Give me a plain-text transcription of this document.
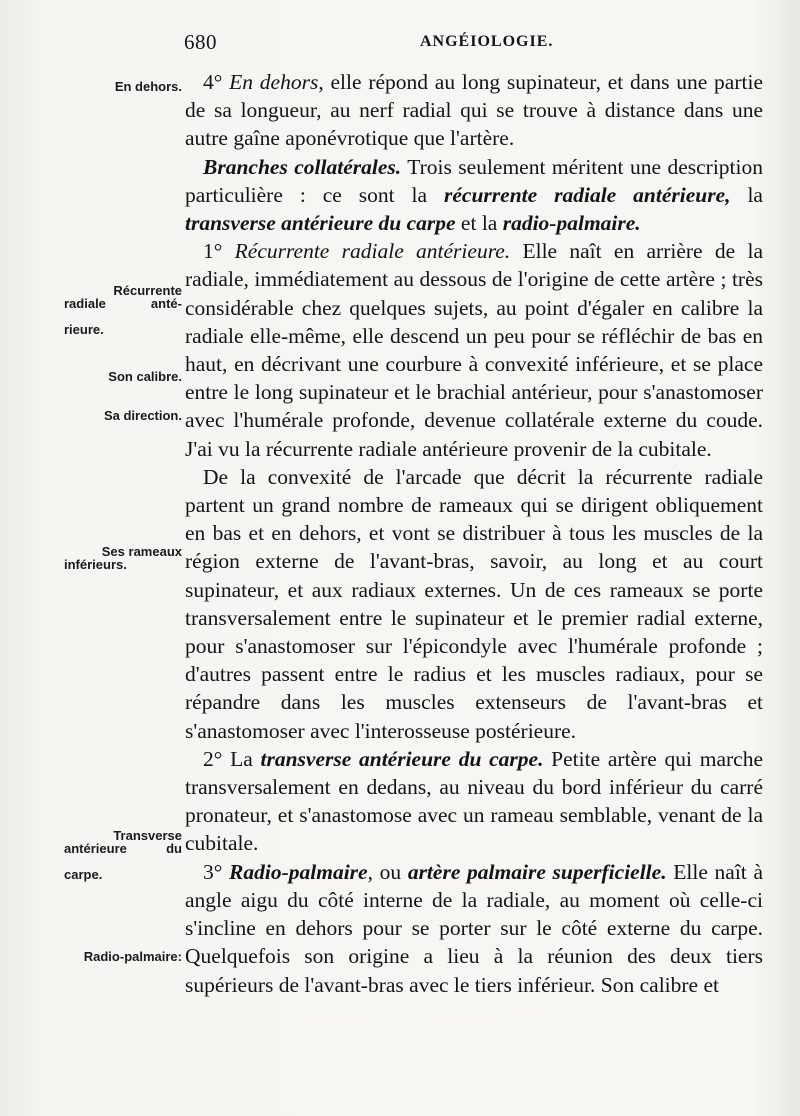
680	ANGÉIOLOGIE.
En dehors.
Récurrente
radiale anté-
rieure.
Son calibre.
Sa direction.
Ses rameaux
inférieurs.
Transverse
antérieure du
carpe.
Radio-palmaire:

4° En dehors, elle répond au long supinateur, et dans une partie de sa longueur, au nerf radial qui se trouve à distance dans une autre gaîne aponévrotique que l'artère.

Branches collatérales. Trois seulement méritent une description particulière : ce sont la récurrente radiale antérieure, la transverse antérieure du carpe et la radio-palmaire.

1° Récurrente radiale antérieure. Elle naît en arrière de la radiale, immédiatement au dessous de l'origine de cette artère ; très considérable chez quelques sujets, au point d'égaler en calibre la radiale elle-même, elle descend un peu pour se réfléchir de bas en haut, en décrivant une courbure à convexité inférieure, et se place entre le long supinateur et le brachial antérieur, pour s'anastomoser avec l'humérale profonde, devenue collatérale externe du coude. J'ai vu la récurrente radiale antérieure provenir de la cubitale.

De la convexité de l'arcade que décrit la récurrente radiale partent un grand nombre de rameaux qui se dirigent obliquement en bas et en dehors, et vont se distribuer à tous les muscles de la région externe de l'avant-bras, savoir, au long et au court supinateur, et aux radiaux externes. Un de ces rameaux se porte transversalement entre le supinateur et le premier radial externe, pour s'anastomoser sur l'épicondyle avec l'humérale profonde ; d'autres passent entre le radius et les muscles radiaux, pour se répandre dans les muscles extenseurs de l'avant-bras et s'anastomoser avec l'interosseuse postérieure.

2° La transverse antérieure du carpe. Petite artère qui marche transversalement en dedans, au niveau du bord inférieur du carré pronateur, et s'anastomose avec un rameau semblable, venant de la cubitale.

3° Radio-palmaire, ou artère palmaire superficielle. Elle naît à angle aigu du côté interne de la radiale, au moment où celle-ci s'incline en dehors pour se porter sur le côté externe du carpe. Quelquefois son origine a lieu à la réunion des deux tiers supérieurs de l'avant-bras avec le tiers inférieur. Son calibre et
